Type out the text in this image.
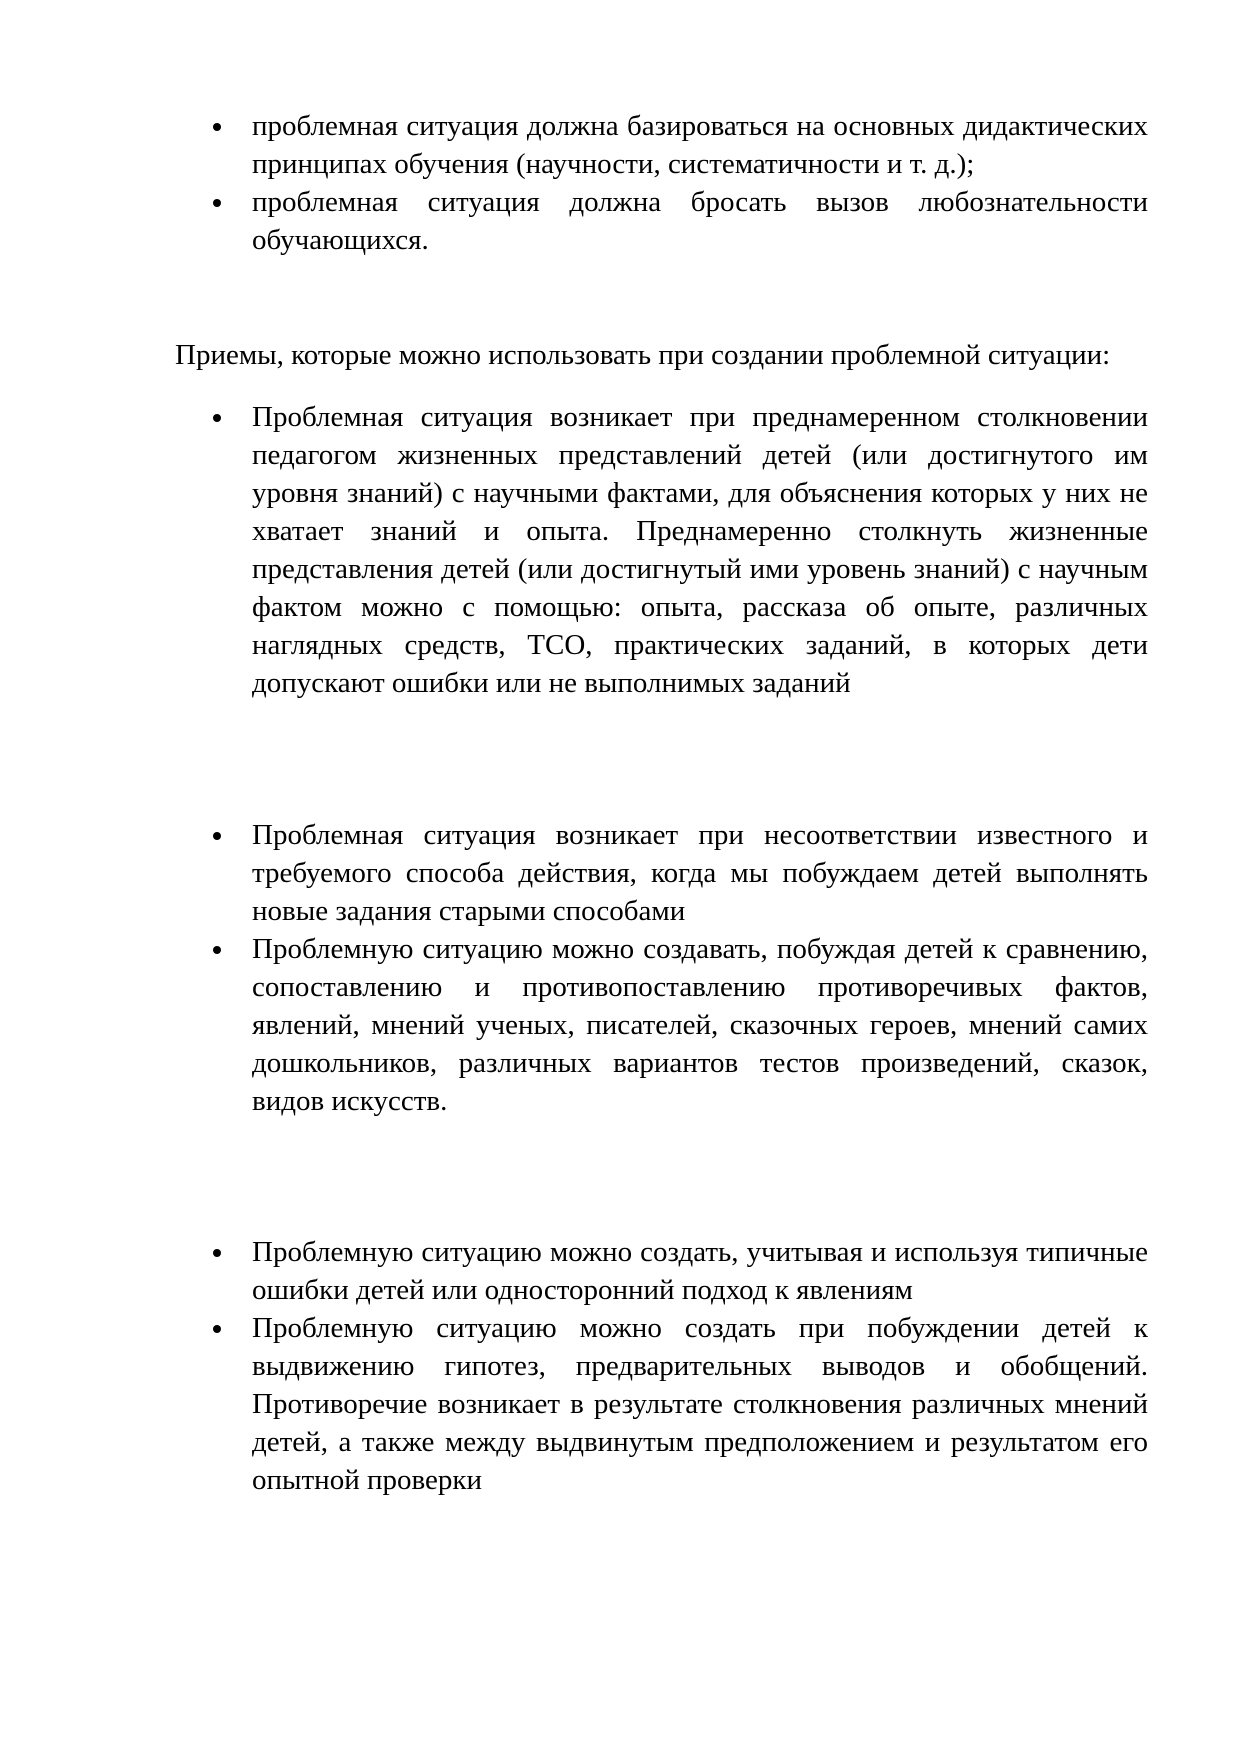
проблемная ситуация должна базироваться на основных дидактических принципах обучения (научности, систематичности и т. д.);
проблемная ситуация должна бросать вызов любознательности обучающихся.

Приемы, которые можно использовать при создании проблемной ситуации:

Проблемная ситуация возникает при преднамеренном столкновении педагогом жизненных представлений детей (или достигнутого им уровня знаний) с научными фактами, для объяснения которых у них не хватает знаний и опыта. Преднамеренно столкнуть жизненные представления детей (или достигнутый ими уровень знаний) с научным фактом можно с помощью: опыта, рассказа об опыте, различных наглядных средств, ТСО, практических заданий, в которых дети допускают ошибки или не выполнимых заданий
Проблемная ситуация возникает при несоответствии известного и требуемого способа действия, когда мы побуждаем детей выполнять новые задания старыми способами
Проблемную ситуацию можно создавать, побуждая детей к сравнению, сопоставлению и противопоставлению противоречивых фактов, явлений, мнений ученых, писателей, сказочных героев, мнений самих дошкольников, различных вариантов тестов произведений, сказок, видов искусств.
Проблемную ситуацию можно создать, учитывая и используя типичные ошибки детей или односторонний подход к явлениям
Проблемную ситуацию можно создать при побуждении детей к выдвижению гипотез, предварительных выводов и обобщений. Противоречие возникает в результате столкновения различных мнений детей, а также между выдвинутым предположением и результатом его опытной проверки
